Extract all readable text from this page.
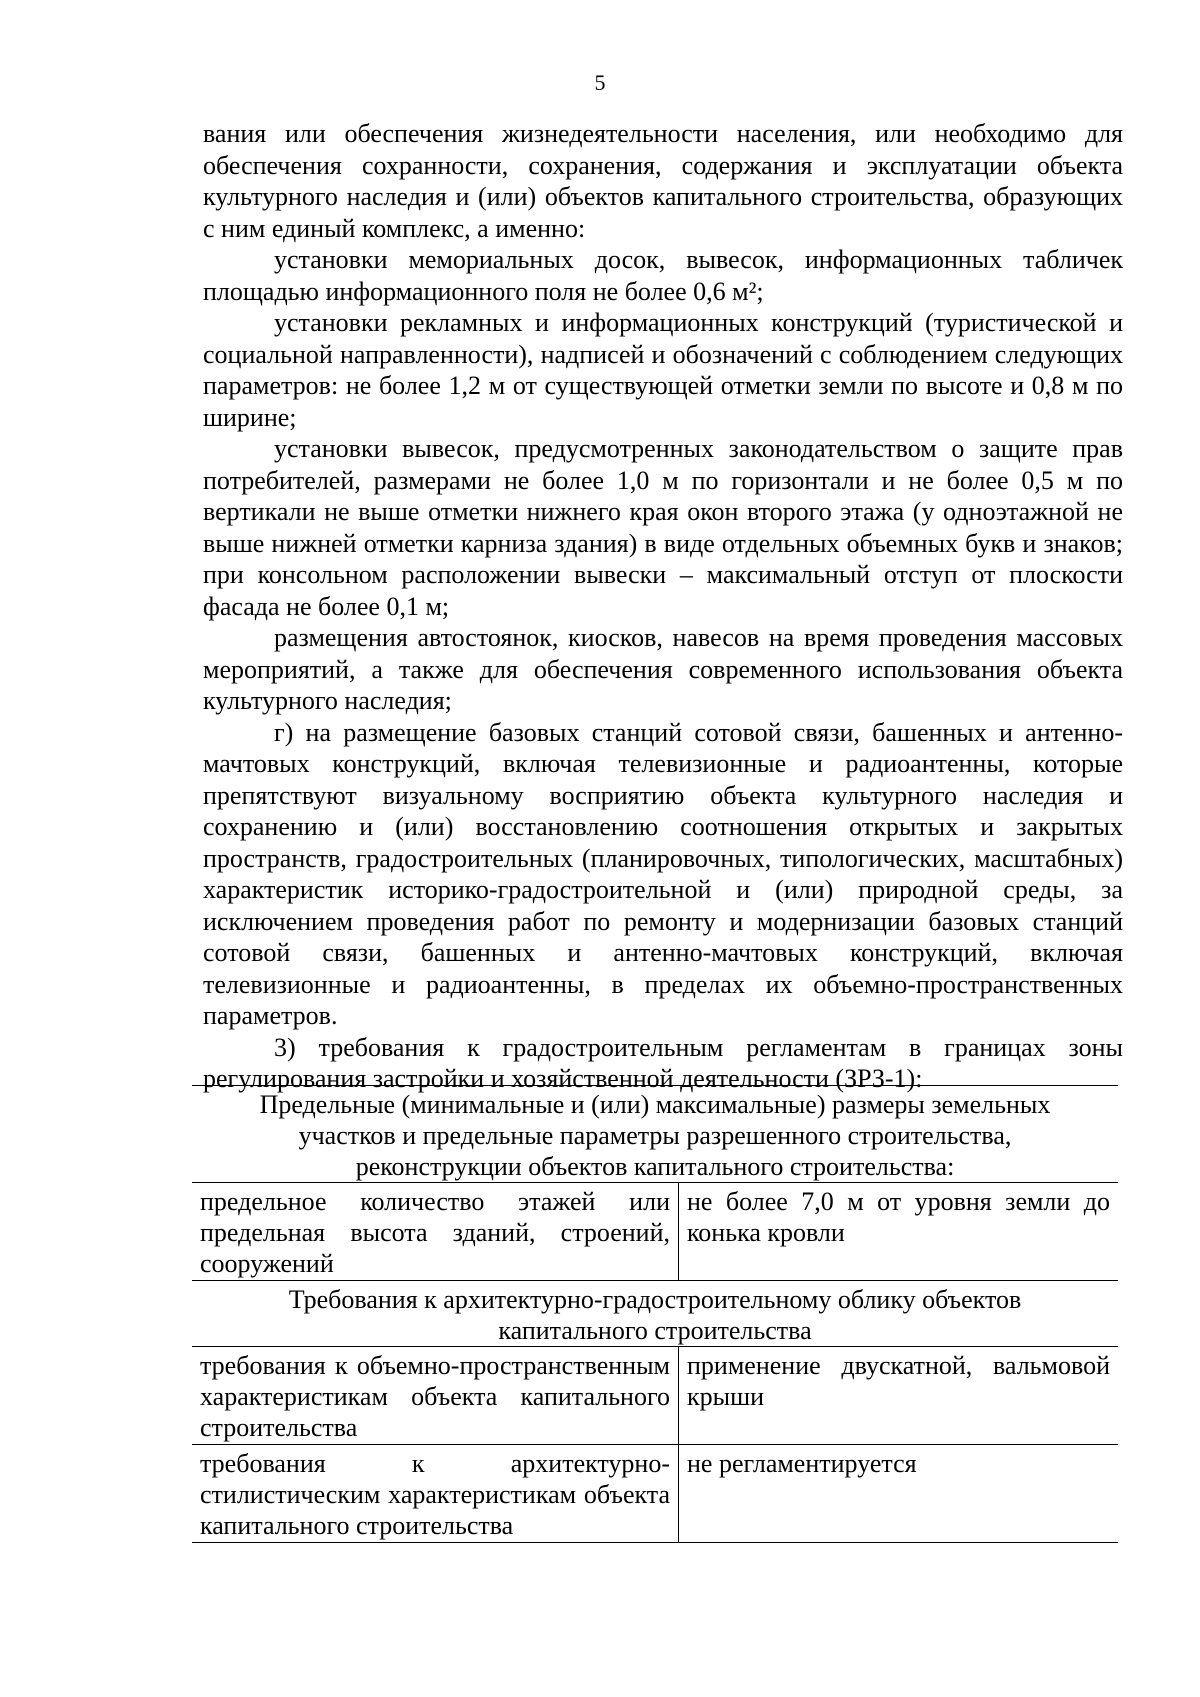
5

вания или обеспечения жизнедеятельности населения, или необходимо для обеспечения сохранности, сохранения, содержания и эксплуатации объекта культурного наследия и (или) объектов капитального строительства, образующих с ним единый комплекс, а именно:

установки мемориальных досок, вывесок, информационных табличек площадью информационного поля не более 0,6 м²;

установки рекламных и информационных конструкций (туристической и социальной направленности), надписей и обозначений с соблюдением следующих параметров: не более 1,2 м от существующей отметки земли по высоте и 0,8 м по ширине;

установки вывесок, предусмотренных законодательством о защите прав потребителей, размерами не более 1,0 м по горизонтали и не более 0,5 м по вертикали не выше отметки нижнего края окон второго этажа (у одноэтажной не выше нижней отметки карниза здания) в виде отдельных объемных букв и знаков; при консольном расположении вывески – максимальный отступ от плоскости фасада не более 0,1 м;

размещения автостоянок, киосков, навесов на время проведения массовых мероприятий, а также для обеспечения современного использования объекта культурного наследия;

г) на размещение базовых станций сотовой связи, башенных и антенно-мачтовых конструкций, включая телевизионные и радиоантенны, которые препятствуют визуальному восприятию объекта культурного наследия и сохранению и (или) восстановлению соотношения открытых и закрытых пространств, градостроительных (планировочных, типологических, масштабных) характеристик историко-градостроительной и (или) природной среды, за исключением проведения работ по ремонту и модернизации базовых станций сотовой связи, башенных и антенно-мачтовых конструкций, включая телевизионные и радиоантенны, в пределах их объемно-пространственных параметров.

3) требования к градостроительным регламентам в границах зоны регулирования застройки и хозяйственной деятельности (ЗРЗ-1):

Предельные (минимальные и (или) максимальные) размеры земельных участков и предельные параметры разрешенного строительства, реконструкции объектов капитального строительства:	
предельное количество этажей или предельная высота зданий, строений, сооружений	не более 7,0 м от уровня земли до конька кровли
Требования к архитектурно-градостроительному облику объектов капитального строительства	
требования к объемно-пространственным характеристикам объекта капитального строительства	применение двускатной, вальмовой крыши
требования к архитектурно- стилистическим характеристикам объекта капитального строительства	не регламентируется
